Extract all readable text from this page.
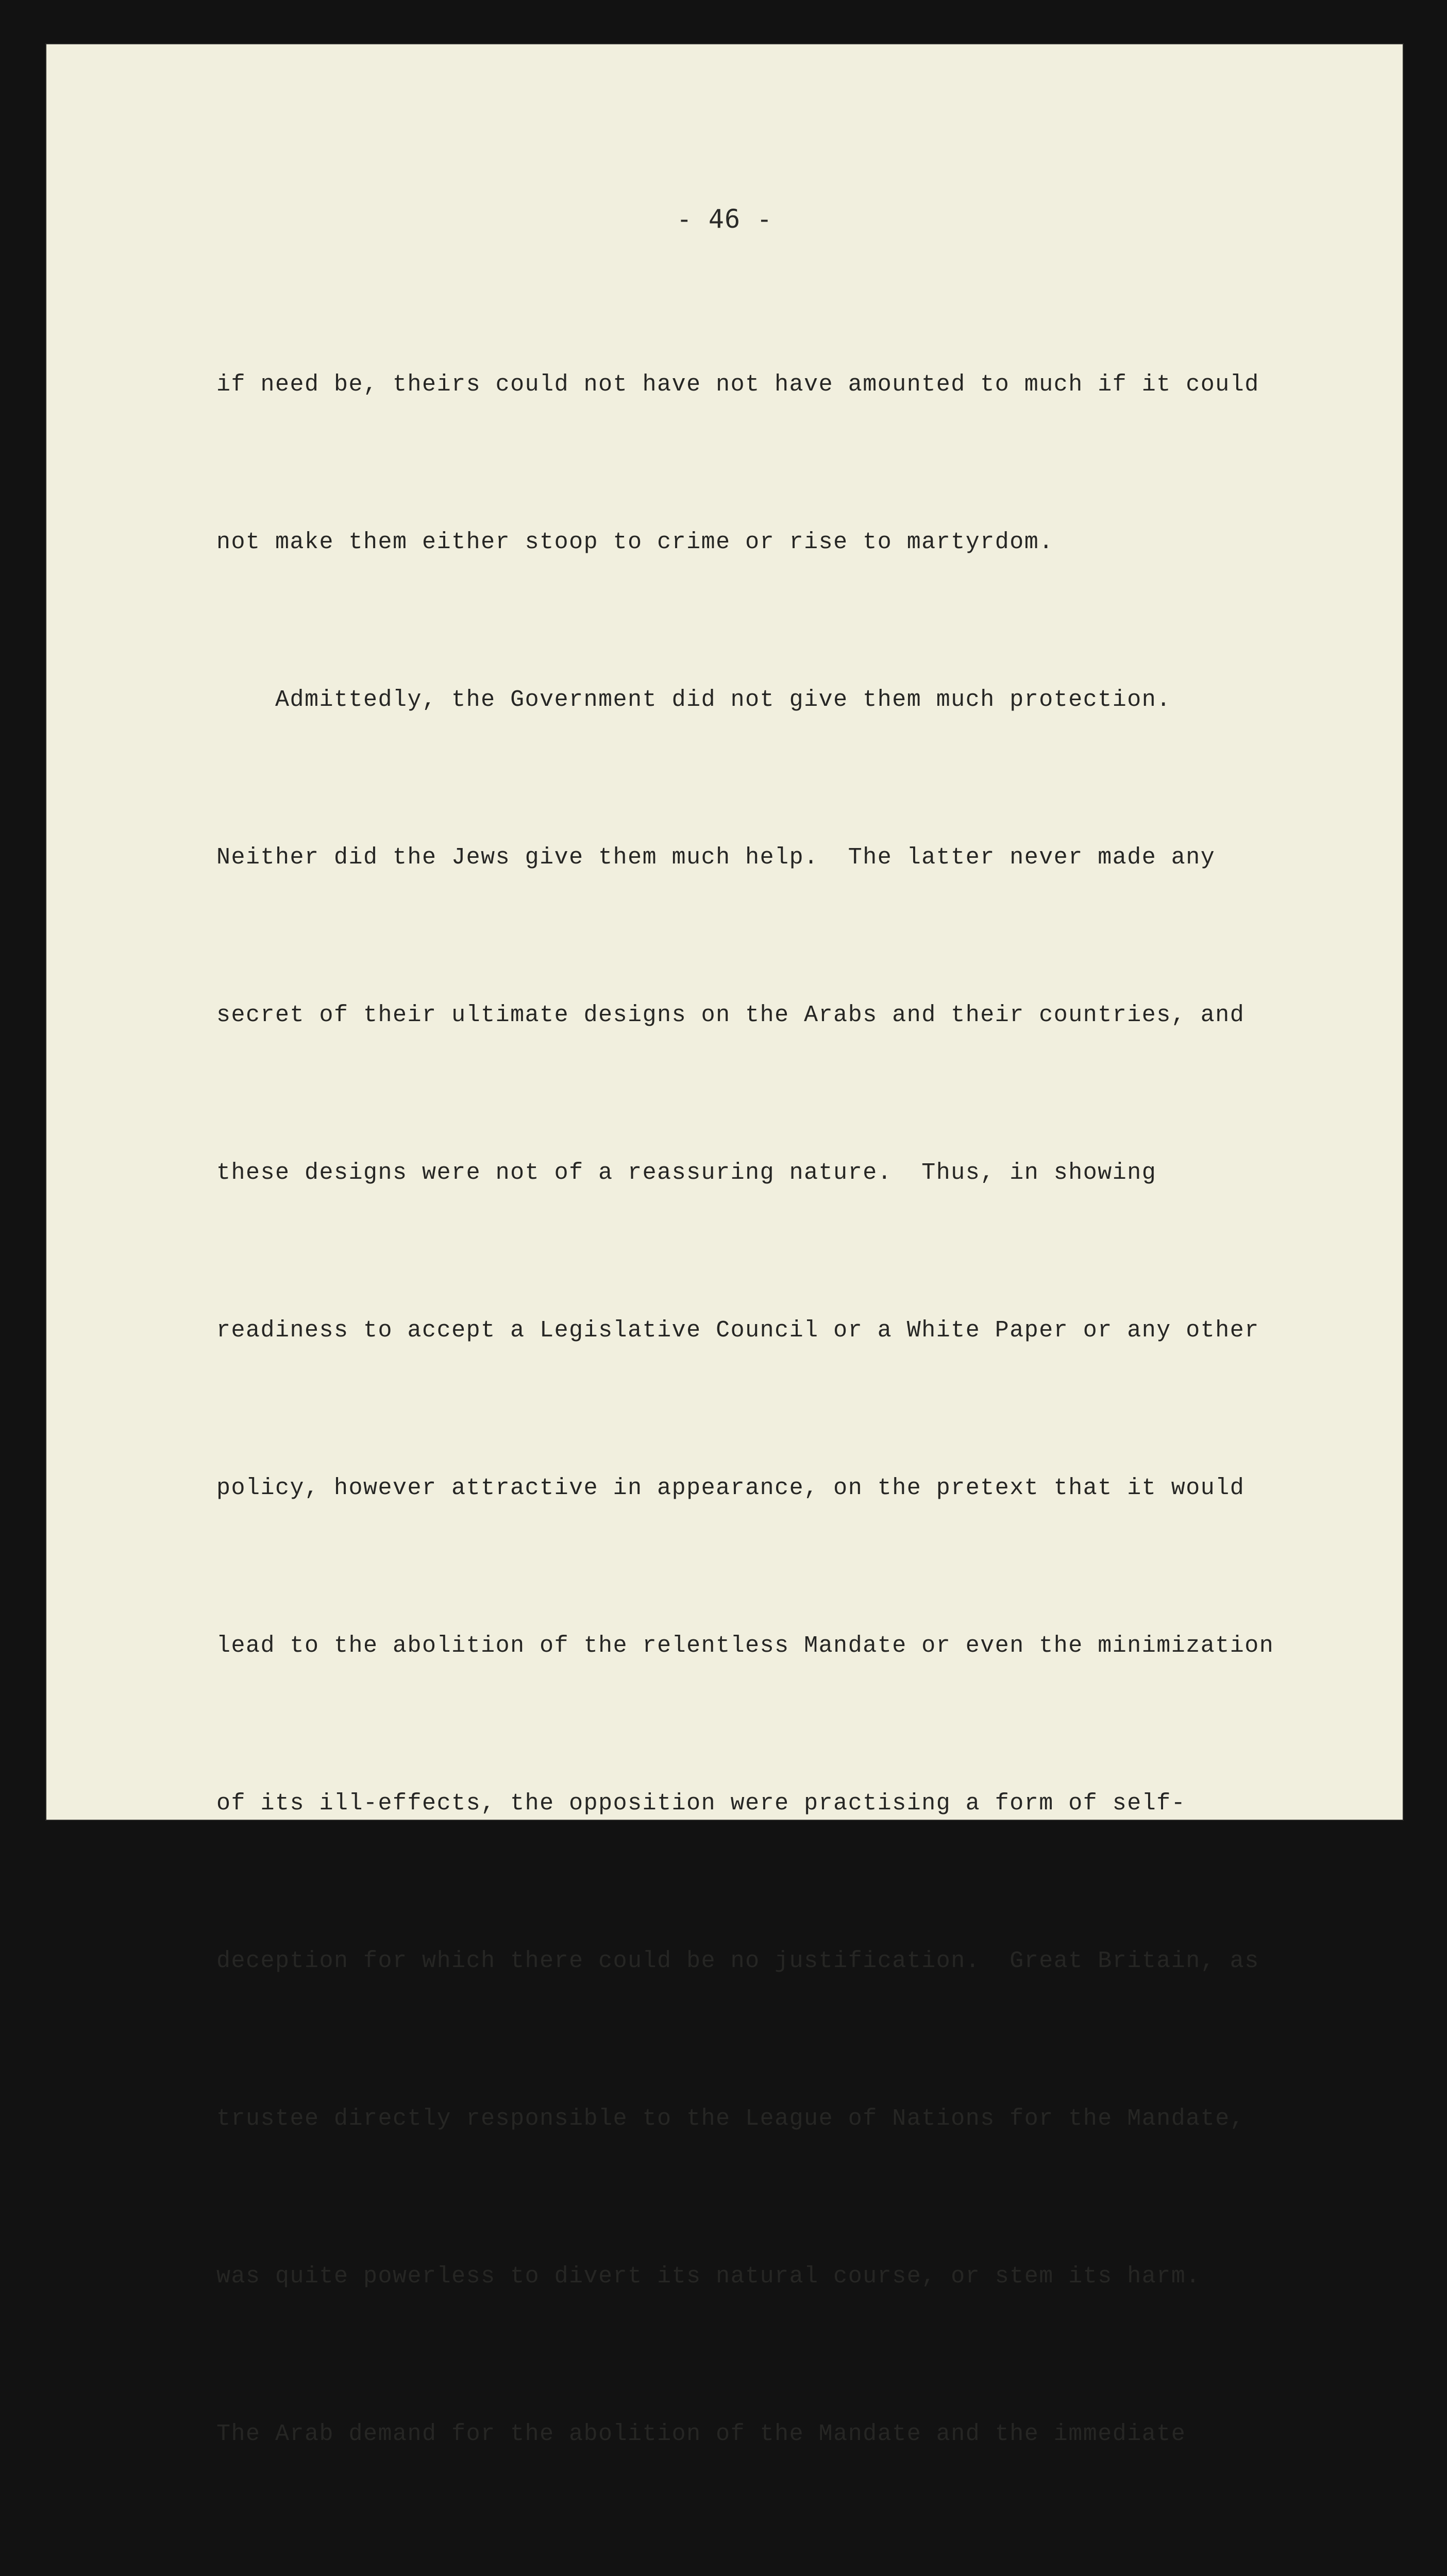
- 46 -

if need be, theirs could not have not have amounted to much if it could

not make them either stoop to crime or rise to martyrdom.

Admittedly, the Government did not give them much protection.

Neither did the Jews give them much help.  The latter never made any

secret of their ultimate designs on the Arabs and their countries, and

these designs were not of a reassuring nature.  Thus, in showing

readiness to accept a Legislative Council or a White Paper or any other

policy, however attractive in appearance, on the pretext that it would

lead to the abolition of the relentless Mandate or even the minimization

of its ill-effects, the opposition were practising a form of self-

deception for which there could be no justification.  Great Britain, as

trustee directly responsible to the League of Nations for the Mandate,

was quite powerless to divert its natural course, or stem its harm.

The Arab demand for the abolition of the Mandate and the immediate
